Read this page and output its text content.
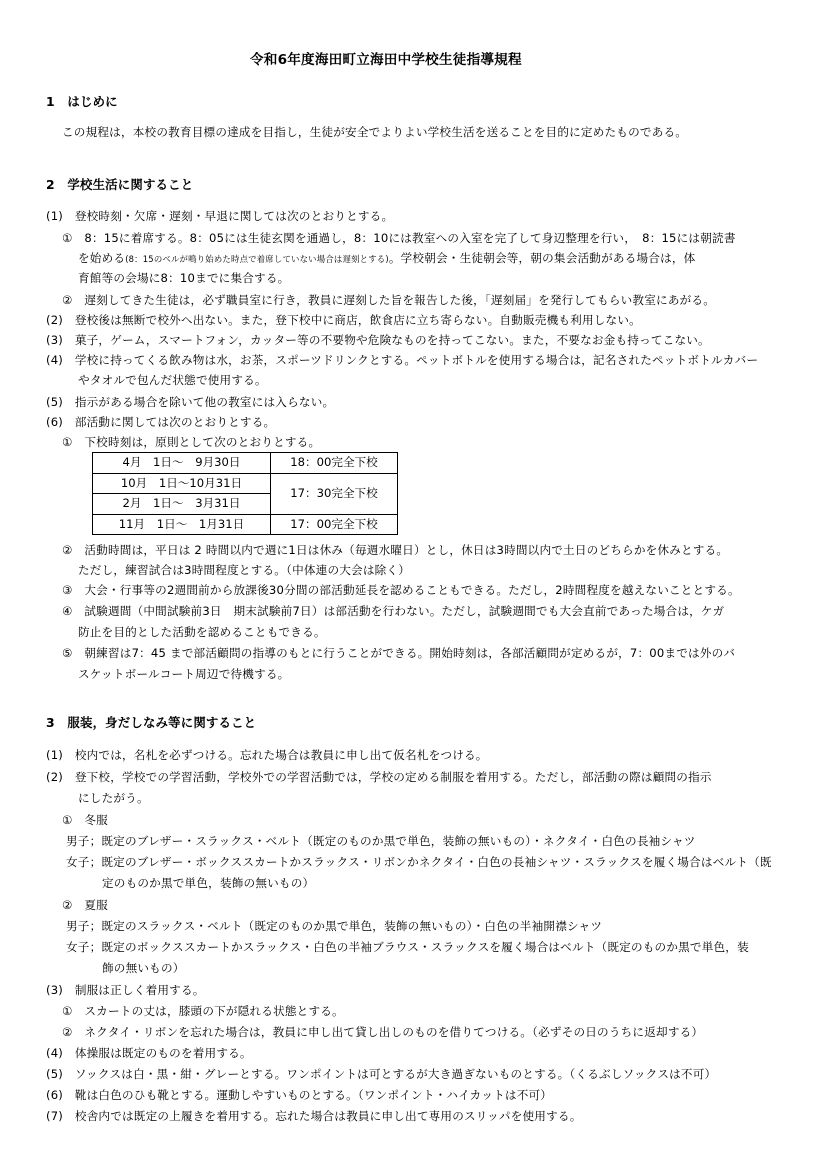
令和6年度海田町立海田中学校生徒指導規程
1　はじめに
この規程は，本校の教育目標の達成を目指し，生徒が安全でよりよい学校生活を送ることを目的に定めたものである。
2　学校生活に関すること
(1)　登校時刻・欠席・遅刻・早退に関しては次のとおりとする。
①　8：15に着席する。8：05には生徒玄関を通過し，8：10には教室への入室を完了して身辺整理を行い，　8：15には朝読書
を始める(8：15のベルが鳴り始めた時点で着席していない場合は遅刻とする)。学校朝会・生徒朝会等，朝の集会活動がある場合は，体
育館等の会場に8：10までに集合する。
②　遅刻してきた生徒は，必ず職員室に行き，教員に遅刻した旨を報告した後，「遅刻届」を発行してもらい教室にあがる。
(2)　登校後は無断で校外へ出ない。また，登下校中に商店，飲食店に立ち寄らない。自動販売機も利用しない。
(3)　菓子，ゲーム，スマートフォン，カッター等の不要物や危険なものを持ってこない。また，不要なお金も持ってこない。
(4)　学校に持ってくる飲み物は水，お茶，スポーツドリンクとする。ペットボトルを使用する場合は，記名されたペットボトルカバー
やタオルで包んだ状態で使用する。
(5)　指示がある場合を除いて他の教室には入らない。
(6)　部活動に関しては次のとおりとする。
①　下校時刻は，原則として次のとおりとする。
4月　1日～　9月30日	18：00完全下校
10月　1日～10月31日	17：30完全下校
2月　1日～　3月31日	
11月　1日～　1月31日	17：00完全下校
②　活動時間は，平日は 2 時間以内で週に1日は休み（毎週水曜日）とし，休日は3時間以内で土日のどちらかを休みとする。
ただし，練習試合は3時間程度とする。（中体連の大会は除く）
③　大会・行事等の2週間前から放課後30分間の部活動延長を認めることもできる。ただし，2時間程度を越えないこととする。
④　試験週間（中間試験前3日　期末試験前7日）は部活動を行わない。ただし，試験週間でも大会直前であった場合は，ケガ
防止を目的とした活動を認めることもできる。
⑤　朝練習は7：45 まで部活顧問の指導のもとに行うことができる。開始時刻は，各部活顧問が定めるが，7：00までは外のバ
スケットボールコート周辺で待機する。
3　服装，身だしなみ等に関すること
(1)　校内では，名札を必ずつける。忘れた場合は教員に申し出て仮名札をつける。
(2)　登下校，学校での学習活動，学校外での学習活動では，学校の定める制服を着用する。ただし，部活動の際は顧問の指示
にしたがう。
①　冬服
男子；既定のブレザー・スラックス・ベルト（既定のものか黒で単色，装飾の無いもの）・ネクタイ・白色の長袖シャツ
女子；既定のブレザー・ボックススカートかスラックス・リボンかネクタイ・白色の長袖シャツ・スラックスを履く場合はベルト（既
定のものか黒で単色，装飾の無いもの）
②　夏服
男子；既定のスラックス・ベルト（既定のものか黒で単色，装飾の無いもの）・白色の半袖開襟シャツ
女子；既定のボックススカートかスラックス・白色の半袖ブラウス・スラックスを履く場合はベルト（既定のものか黒で単色，装
飾の無いもの）
(3)　制服は正しく着用する。
①　スカートの丈は，膝頭の下が隠れる状態とする。
②　ネクタイ・リボンを忘れた場合は，教員に申し出て貸し出しのものを借りてつける。（必ずその日のうちに返却する）
(4)　体操服は既定のものを着用する。
(5)　ソックスは白・黒・紺・グレーとする。ワンポイントは可とするが大き過ぎないものとする。（くるぶしソックスは不可）
(6)　靴は白色のひも靴とする。運動しやすいものとする。（ワンポイント・ハイカットは不可）
(7)　校舎内では既定の上履きを着用する。忘れた場合は教員に申し出て専用のスリッパを使用する。
